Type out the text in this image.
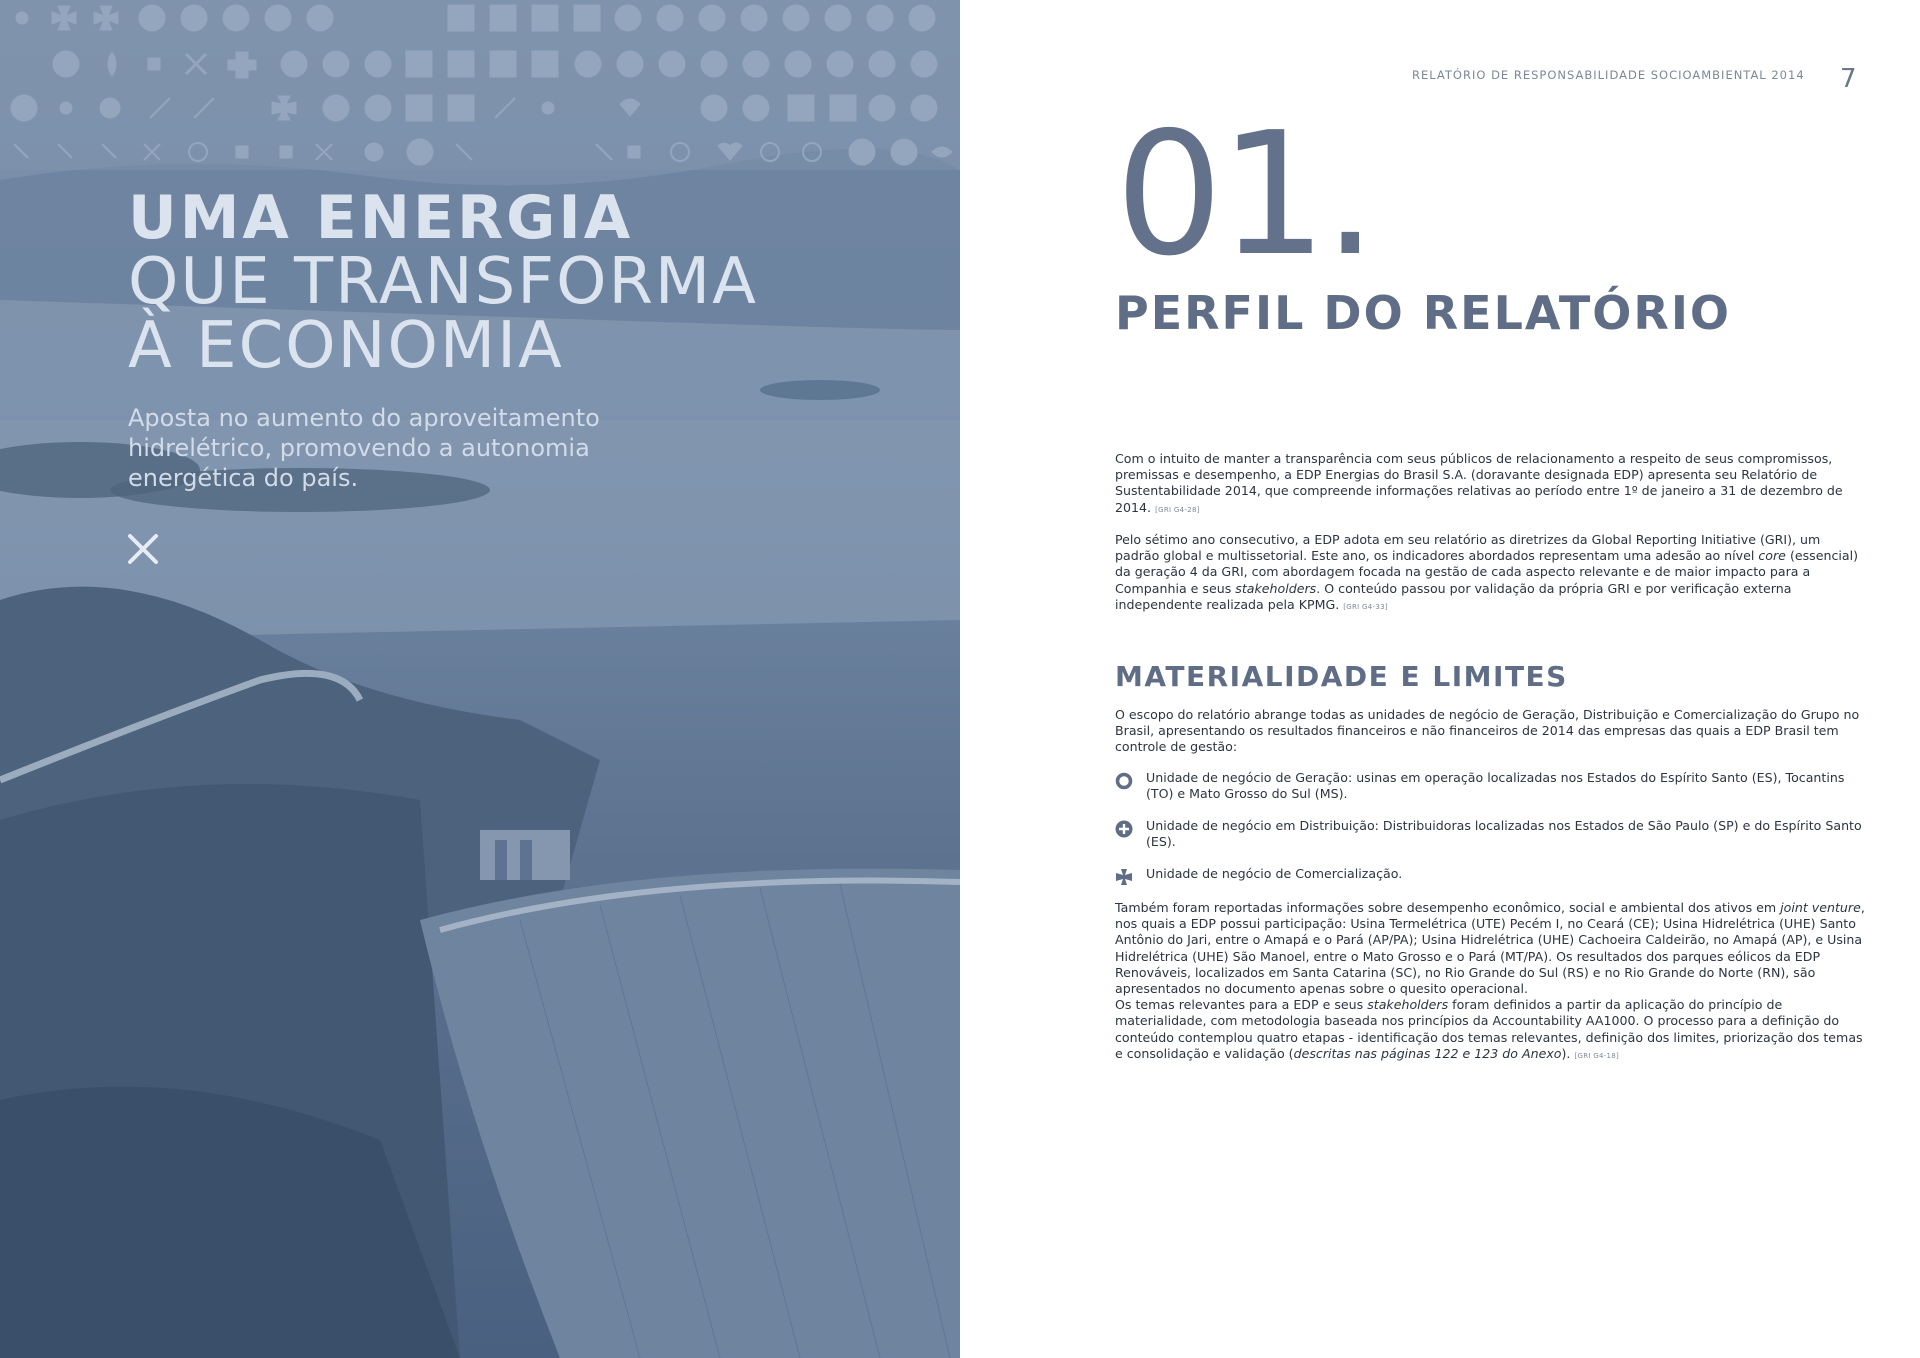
UMA ENERGIA
QUE TRANSFORMA
À ECONOMIA

Aposta no aumento do aproveitamento hidrelétrico, promovendo a autonomia energética do país.

RELATÓRIO DE RESPONSABILIDADE SOCIOAMBIENTAL 2014 7
01.
PERFIL DO RELATÓRIO

Com o intuito de manter a transparência com seus públicos de relacionamento a respeito de seus compromissos, premissas e desempenho, a EDP Energias do Brasil S.A. (doravante designada EDP) apresenta seu Relatório de Sustentabilidade 2014, que compreende informações relativas ao período entre 1º de janeiro a 31 de dezembro de 2014. [GRI G4-28]

Pelo sétimo ano consecutivo, a EDP adota em seu relatório as diretrizes da Global Reporting Initiative (GRI), um padrão global e multissetorial. Este ano, os indicadores abordados representam uma adesão ao nível core (essencial) da geração 4 da GRI, com abordagem focada na gestão de cada aspecto relevante e de maior impacto para a Companhia e seus stakeholders. O conteúdo passou por validação da própria GRI e por verificação externa independente realizada pela KPMG. [GRI G4-33]

MATERIALIDADE E LIMITES

O escopo do relatório abrange todas as unidades de negócio de Geração, Distribuição e Comercialização do Grupo no Brasil, apresentando os resultados financeiros e não financeiros de 2014 das empresas das quais a EDP Brasil tem controle de gestão:

Unidade de negócio de Geração: usinas em operação localizadas nos Estados do Espírito Santo (ES), Tocantins (TO) e Mato Grosso do Sul (MS).
Unidade de negócio em Distribuição: Distribuidoras localizadas nos Estados de São Paulo (SP) e do Espírito Santo (ES).
Unidade de negócio de Comercialização.

Também foram reportadas informações sobre desempenho econômico, social e ambiental dos ativos em joint venture, nos quais a EDP possui participação: Usina Termelétrica (UTE) Pecém I, no Ceará (CE); Usina Hidrelétrica (UHE) Santo Antônio do Jari, entre o Amapá e o Pará (AP/PA); Usina Hidrelétrica (UHE) Cachoeira Caldeirão, no Amapá (AP), e Usina Hidrelétrica (UHE) São Manoel, entre o Mato Grosso e o Pará (MT/PA). Os resultados dos parques eólicos da EDP Renováveis, localizados em Santa Catarina (SC), no Rio Grande do Sul (RS) e no Rio Grande do Norte (RN), são apresentados no documento apenas sobre o quesito operacional.
Os temas relevantes para a EDP e seus stakeholders foram definidos a partir da aplicação do princípio de materialidade, com metodologia baseada nos princípios da Accountability AA1000. O processo para a definição do conteúdo contemplou quatro etapas - identificação dos temas relevantes, definição dos limites, priorização dos temas e consolidação e validação (descritas nas páginas 122 e 123 do Anexo). [GRI G4-18]
